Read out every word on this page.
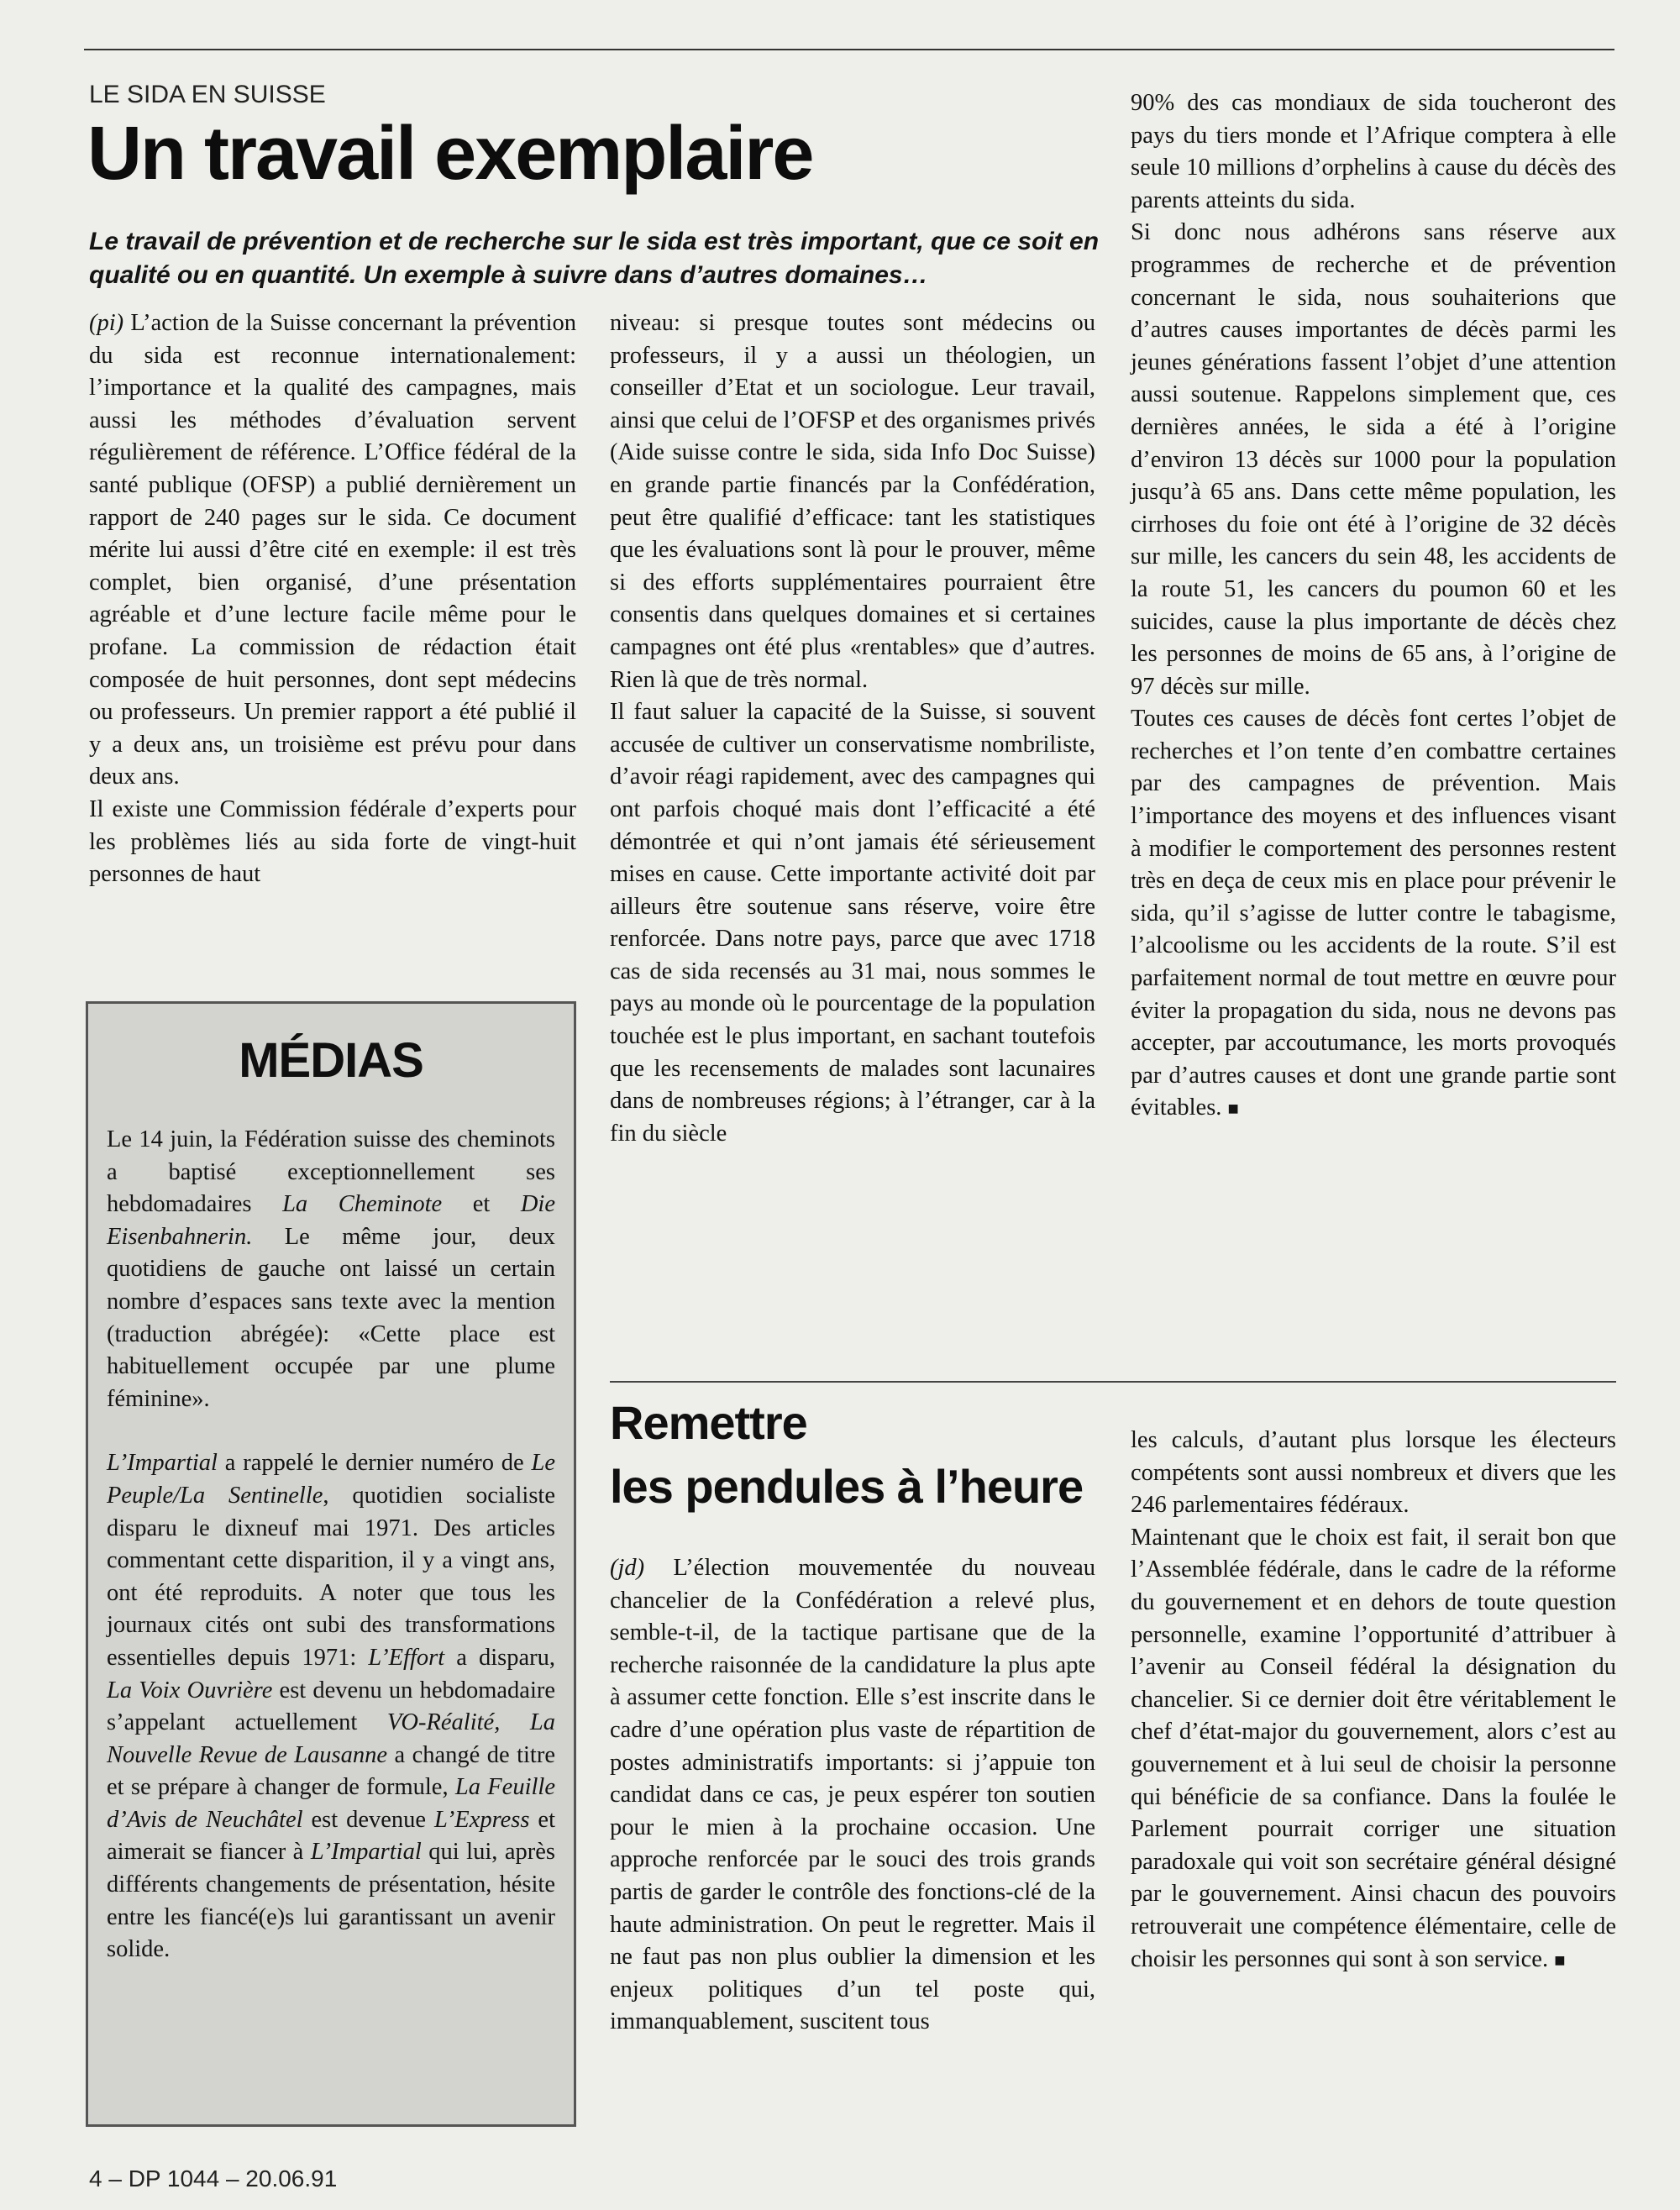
LE SIDA EN SUISSE
Un travail exemplaire

Le travail de prévention et de recherche sur le sida est très important, que ce soit en qualité ou en quantité. Un exemple à suivre dans d’autres domaines…

(pi) L’action de la Suisse concernant la prévention du sida est reconnue internationalement: l’importance et la qualité des campagnes, mais aussi les méthodes d’évaluation servent régulièrement de référence. L’Office fédéral de la santé publique (OFSP) a publié dernièrement un rapport de 240 pages sur le sida. Ce document mérite lui aussi d’être cité en exemple: il est très complet, bien organisé, d’une présentation agréable et d’une lecture facile même pour le profane. La commission de rédaction était composée de huit personnes, dont sept médecins ou professeurs. Un premier rapport a été publié il y a deux ans, un troisième est prévu pour dans deux ans.

Il existe une Commission fédérale d’experts pour les problèmes liés au sida forte de vingt-huit personnes de haut

niveau: si presque toutes sont médecins ou professeurs, il y a aussi un théologien, un conseiller d’Etat et un sociologue. Leur travail, ainsi que celui de l’OFSP et des organismes privés (Aide suisse contre le sida, sida Info Doc Suisse) en grande partie financés par la Confédération, peut être qualifié d’efficace: tant les statistiques que les évaluations sont là pour le prouver, même si des efforts supplémentaires pourraient être consentis dans quelques domaines et si certaines campagnes ont été plus «rentables» que d’autres. Rien là que de très normal.

Il faut saluer la capacité de la Suisse, si souvent accusée de cultiver un conservatisme nombriliste, d’avoir réagi rapidement, avec des campagnes qui ont parfois choqué mais dont l’efficacité a été démontrée et qui n’ont jamais été sérieusement mises en cause. Cette importante activité doit par ailleurs être soutenue sans réserve, voire être renforcée. Dans notre pays, parce que avec 1718 cas de sida recensés au 31 mai, nous sommes le pays au monde où le pourcentage de la population touchée est le plus important, en sachant toutefois que les recensements de malades sont lacunaires dans de nombreuses régions; à l’étranger, car à la fin du siècle

90% des cas mondiaux de sida toucheront des pays du tiers monde et l’Afrique comptera à elle seule 10 millions d’orphelins à cause du décès des parents atteints du sida.

Si donc nous adhérons sans réserve aux programmes de recherche et de prévention concernant le sida, nous souhaiterions que d’autres causes importantes de décès parmi les jeunes générations fassent l’objet d’une attention aussi soutenue. Rappelons simplement que, ces dernières années, le sida a été à l’origine d’environ 13 décès sur 1000 pour la population jusqu’à 65 ans. Dans cette même population, les cirrhoses du foie ont été à l’origine de 32 décès sur mille, les cancers du sein 48, les accidents de la route 51, les cancers du poumon 60 et les suicides, cause la plus importante de décès chez les personnes de moins de 65 ans, à l’origine de 97 décès sur mille.

Toutes ces causes de décès font certes l’objet de recherches et l’on tente d’en combattre certaines par des campagnes de prévention. Mais l’importance des moyens et des influences visant à modifier le comportement des personnes restent très en deça de ceux mis en place pour prévenir le sida, qu’il s’agisse de lutter contre le tabagisme, l’alcoolisme ou les accidents de la route. S’il est parfaitement normal de tout mettre en œuvre pour éviter la propagation du sida, nous ne devons pas accepter, par accoutumance, les morts provoqués par d’autres causes et dont une grande partie sont évitables. ■

MÉDIAS

Le 14 juin, la Fédération suisse des cheminots a baptisé exceptionnellement ses hebdomadaires La Cheminote et Die Eisenbahnerin. Le même jour, deux quotidiens de gauche ont laissé un certain nombre d’espaces sans texte avec la mention (traduction abrégée): «Cette place est habituellement occupée par une plume féminine».

L’Impartial a rappelé le dernier numéro de Le Peuple/La Sentinelle, quotidien socialiste disparu le dixneuf mai 1971. Des articles commentant cette disparition, il y a vingt ans, ont été reproduits. A noter que tous les journaux cités ont subi des transformations essentielles depuis 1971: L’Effort a disparu, La Voix Ouvrière est devenu un hebdomadaire s’appelant actuellement VO-Réalité, La Nouvelle Revue de Lausanne a changé de titre et se prépare à changer de formule, La Feuille d’Avis de Neuchâtel est devenue L’Express et aimerait se fiancer à L’Impartial qui lui, après différents changements de présentation, hésite entre les fiancé(e)s lui garantissant un avenir solide.

Remettre
les pendules à l’heure

(jd) L’élection mouvementée du nouveau chancelier de la Confédération a relevé plus, semble-t-il, de la tactique partisane que de la recherche raisonnée de la candidature la plus apte à assumer cette fonction. Elle s’est inscrite dans le cadre d’une opération plus vaste de répartition de postes administratifs importants: si j’appuie ton candidat dans ce cas, je peux espérer ton soutien pour le mien à la prochaine occasion. Une approche renforcée par le souci des trois grands partis de garder le contrôle des fonctions-clé de la haute administration. On peut le regretter. Mais il ne faut pas non plus oublier la dimension et les enjeux politiques d’un tel poste qui, immanquablement, suscitent tous

les calculs, d’autant plus lorsque les électeurs compétents sont aussi nombreux et divers que les 246 parlementaires fédéraux.

Maintenant que le choix est fait, il serait bon que l’Assemblée fédérale, dans le cadre de la réforme du gouvernement et en dehors de toute question personnelle, examine l’opportunité d’attribuer à l’avenir au Conseil fédéral la désignation du chancelier. Si ce dernier doit être véritablement le chef d’état-major du gouvernement, alors c’est au gouvernement et à lui seul de choisir la personne qui bénéficie de sa confiance. Dans la foulée le Parlement pourrait corriger une situation paradoxale qui voit son secrétaire général désigné par le gouvernement. Ainsi chacun des pouvoirs retrouverait une compétence élémentaire, celle de choisir les personnes qui sont à son service. ■

4 – DP 1044 – 20.06.91
